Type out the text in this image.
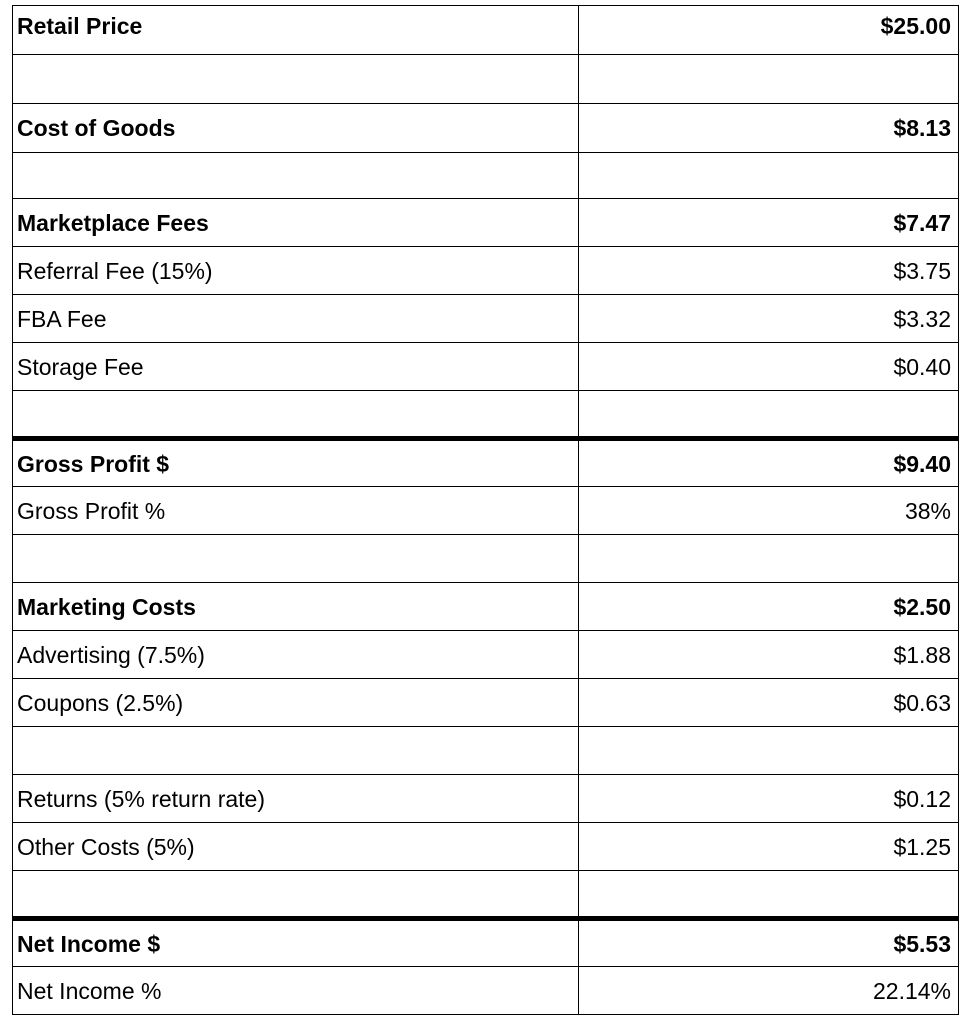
Retail Price	$25.00

Cost of Goods	$8.13

Marketplace Fees	$7.47
Referral Fee (15%)	$3.75
FBA Fee	$3.32
Storage Fee	$0.40

Gross Profit $	$9.40
Gross Profit %	38%

Marketing Costs	$2.50
Advertising (7.5%)	$1.88
Coupons (2.5%)	$0.63

Returns (5% return rate)	$0.12
Other Costs (5%)	$1.25

Net Income $	$5.53
Net Income %	22.14%
